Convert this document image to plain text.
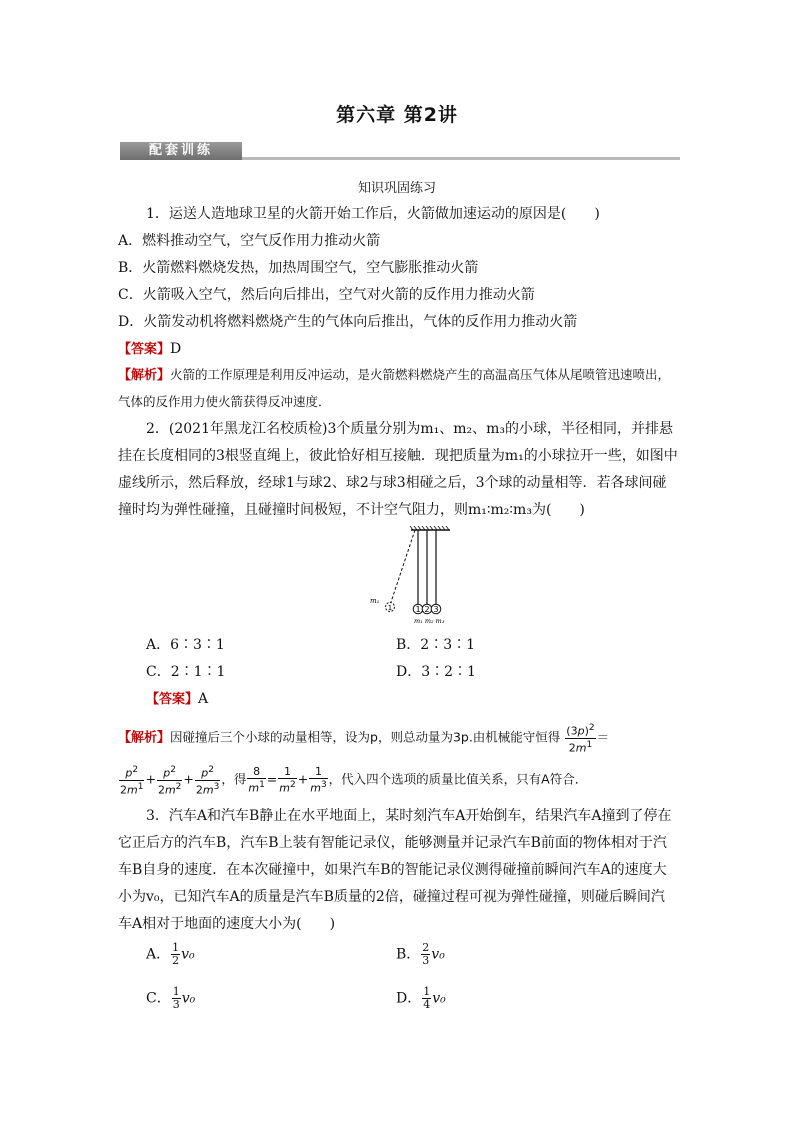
第六章 第2讲
配套训练
知识巩固练习

1．运送人造地球卫星的火箭开始工作后，火箭做加速运动的原因是(　　)

A．燃料推动空气，空气反作用力推动火箭
B．火箭燃料燃烧发热，加热周围空气，空气膨胀推动火箭
C．火箭吸入空气，然后向后排出，空气对火箭的反作用力推动火箭
D．火箭发动机将燃料燃烧产生的气体向后推出，气体的反作用力推动火箭
【答案】D
【解析】火箭的工作原理是利用反冲运动，是火箭燃料燃烧产生的高温高压气体从尾喷管迅速喷出，气体的反作用力使火箭获得反冲速度．

2．(2021年黑龙江名校质检)3个质量分别为m₁、m₂、m₃的小球，半径相同，并排悬挂在长度相同的3根竖直绳上，彼此恰好相互接触．现把质量为m₁的小球拉开一些，如图中虚线所示，然后释放，经球1与球2、球2与球3相碰之后，3个球的动量相等．若各球间碰撞时均为弹性碰撞，且碰撞时间极短，不计空气阻力，则m₁∶m₂∶m₃为(　　)

1	1 2 3
m₁
m₁ m₂ m₃
A．6∶3∶1	B．2∶3∶1
C．2∶1∶1	D．3∶2∶1
【答案】A
【解析】因碰撞后三个小球的动量相等，设为p，则总动量为3p.由机械能守恒得 $\frac{(3p)^2}{2m^1}$ ＝
$\frac{p^2}{2m^1} + \frac{p^2}{2m^2} + \frac{p^2}{2m^3}$ ，得 $\frac{8}{m^1} = \frac{1}{m^2} + \frac{1}{m^3}$ ，代入四个选项的质量比值关系，只有A符合．

3．汽车A和汽车B静止在水平地面上，某时刻汽车A开始倒车，结果汽车A撞到了停在它正后方的汽车B，汽车B上装有智能记录仪，能够测量并记录汽车B前面的物体相对于汽车B自身的速度．在本次碰撞中，如果汽车B的智能记录仪测得碰撞前瞬间汽车A的速度大小为v₀，已知汽车A的质量是汽车B质量的2倍，碰撞过程可视为弹性碰撞，则碰后瞬间汽车A相对于地面的速度大小为(　　)

A． $\frac{1}{2} v_0$	B． $\frac{2}{3} v_0$
C． $\frac{1}{3} v_0$	D． $\frac{1}{4} v_0$
